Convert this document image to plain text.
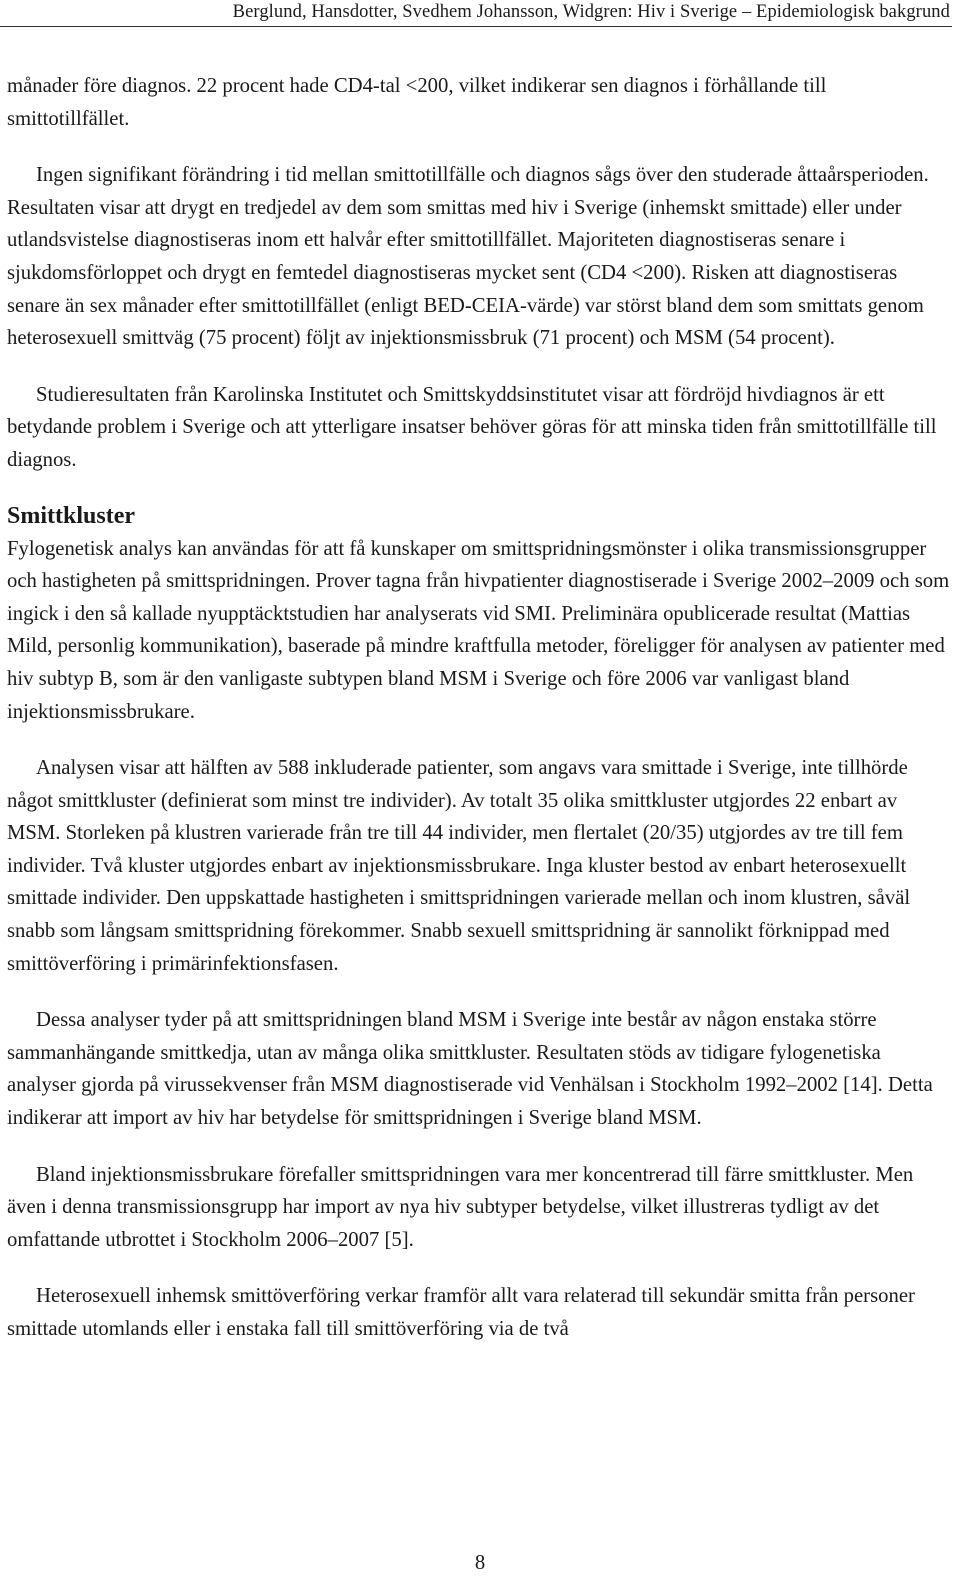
Berglund, Hansdotter, Svedhem Johansson, Widgren: Hiv i Sverige – Epidemiologisk bakgrund

månader före diagnos. 22 procent hade CD4-tal <200, vilket indikerar sen diagnos i förhållande till smittotillfället.

Ingen signifikant förändring i tid mellan smittotillfälle och diagnos sågs över den studerade åttaårsperioden. Resultaten visar att drygt en tredjedel av dem som smittas med hiv i Sverige (inhemskt smittade) eller under utlandsvistelse diagnostiseras inom ett halvår efter smittotillfället. Majoriteten diagnostiseras senare i sjukdomsförloppet och drygt en femtedel diagnostiseras mycket sent (CD4 <200). Risken att diagnostiseras senare än sex månader efter smittotillfället (enligt BED-CEIA-värde) var störst bland dem som smittats genom heterosexuell smittväg (75 procent) följt av injektionsmissbruk (71 procent) och MSM (54 procent).

Studieresultaten från Karolinska Institutet och Smittskyddsinstitutet visar att fördröjd hivdiagnos är ett betydande problem i Sverige och att ytterligare insatser behöver göras för att minska tiden från smittotillfälle till diagnos.

Smittkluster

Fylogenetisk analys kan användas för att få kunskaper om smittspridningsmönster i olika transmissionsgrupper och hastigheten på smittspridningen. Prover tagna från hivpatienter diagnostiserade i Sverige 2002–2009 och som ingick i den så kallade nyupptäcktstudien har analyserats vid SMI. Preliminära opublicerade resultat (Mattias Mild, personlig kommunikation), baserade på mindre kraftfulla metoder, föreligger för analysen av patienter med hiv subtyp B, som är den vanligaste subtypen bland MSM i Sverige och före 2006 var vanligast bland injektionsmissbrukare.

Analysen visar att hälften av 588 inkluderade patienter, som angavs vara smittade i Sverige, inte tillhörde något smittkluster (definierat som minst tre individer). Av totalt 35 olika smittkluster utgjordes 22 enbart av MSM. Storleken på klustren varierade från tre till 44 individer, men flertalet (20/35) utgjordes av tre till fem individer. Två kluster utgjordes enbart av injektionsmissbrukare. Inga kluster bestod av enbart heterosexuellt smittade individer. Den uppskattade hastigheten i smittspridningen varierade mellan och inom klustren, såväl snabb som långsam smittspridning förekommer. Snabb sexuell smittspridning är sannolikt förknippad med smittöverföring i primärinfektionsfasen.

Dessa analyser tyder på att smittspridningen bland MSM i Sverige inte består av någon enstaka större sammanhängande smittkedja, utan av många olika smittkluster. Resultaten stöds av tidigare fylogenetiska analyser gjorda på virussekvenser från MSM diagnostiserade vid Venhälsan i Stockholm 1992–2002 [14]. Detta indikerar att import av hiv har betydelse för smittspridningen i Sverige bland MSM.

Bland injektionsmissbrukare förefaller smittspridningen vara mer koncentrerad till färre smittkluster. Men även i denna transmissionsgrupp har import av nya hiv subtyper betydelse, vilket illustreras tydligt av det omfattande utbrottet i Stockholm 2006–2007 [5].

Heterosexuell inhemsk smittöverföring verkar framför allt vara relaterad till sekundär smitta från personer smittade utomlands eller i enstaka fall till smittöverföring via de två

8
